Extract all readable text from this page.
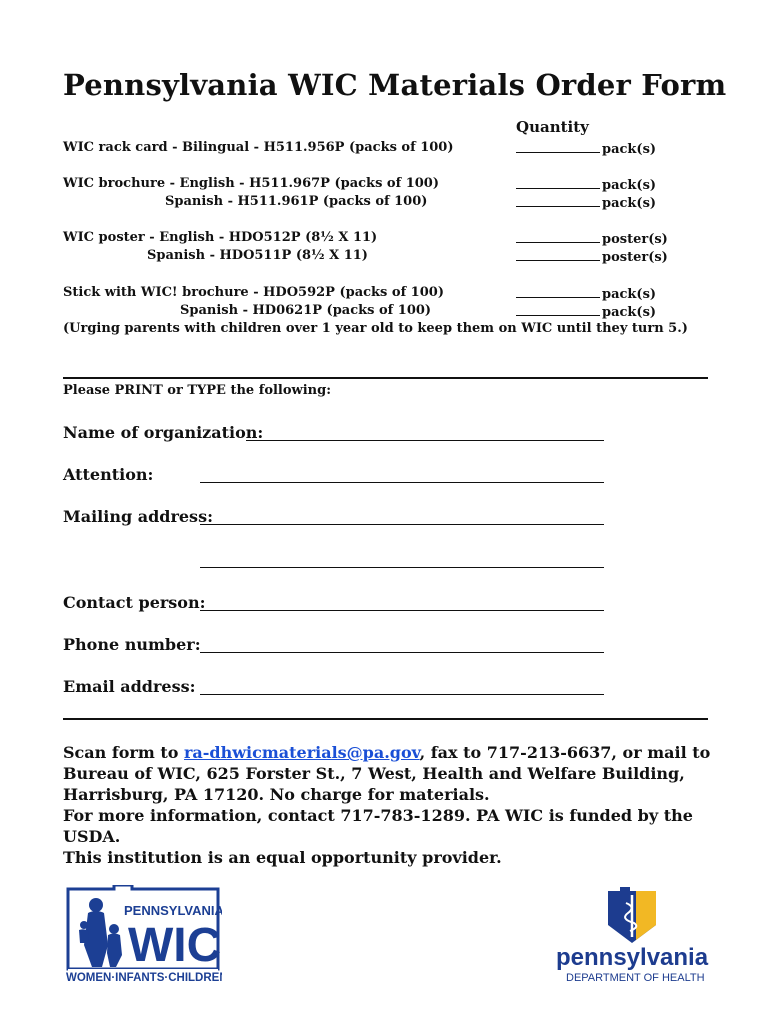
Pennsylvania WIC Materials Order Form
Quantity
WIC rack card - Bilingual - H511.956P (packs of 100)	pack(s)
WIC brochure - English - H511.967P (packs of 100)	pack(s)
Spanish - H511.961P (packs of 100)	pack(s)
WIC poster - English - HDO512P (8½ X 11)	poster(s)
Spanish - HDO511P (8½ X 11)	poster(s)
Stick with WIC! brochure - HDO592P (packs of 100)	pack(s)
Spanish - HD0621P (packs of 100)	pack(s)
(Urging parents with children over 1 year old to keep them on WIC until they turn 5.)
Please PRINT or TYPE the following:
Name of organization:
Attention:
Mailing address:
Contact person:
Phone number:
Email address:
Scan form to ra-dhwicmaterials@pa.gov, fax to 717-213-6637, or mail to Bureau of WIC, 625 Forster St., 7 West, Health and Welfare Building, Harrisburg, PA 17120. No charge for materials.
For more information, contact 717-783-1289. PA WIC is funded by the USDA.
This institution is an equal opportunity provider.
PENNSYLVANIA
WIC
WOMEN·INFANTS·CHILDREN
pennsylvania
DEPARTMENT OF HEALTH
